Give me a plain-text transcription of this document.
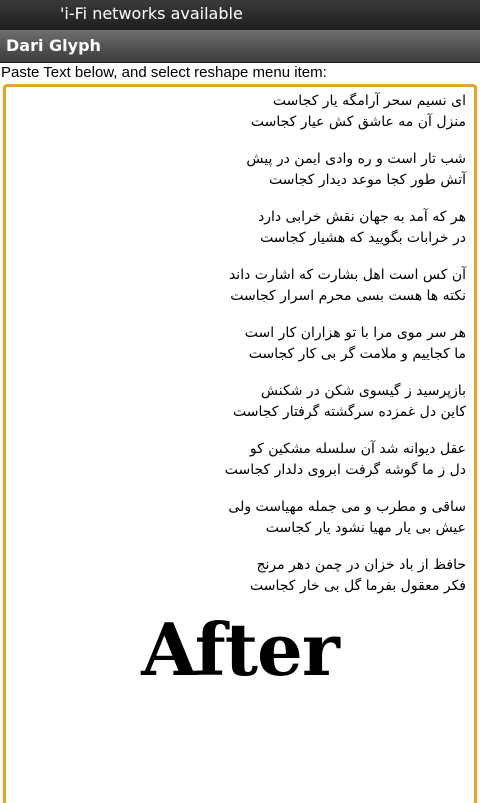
'i-Fi networks available
Dari Glyph
Paste Text below, and select reshape menu item:
ای نسیم سحر آرامگه یار کجاست
منزل آن مه عاشق کش عیار کجاست
شب تار است و ره وادی ایمن در پیش
آتش طور کجا موعد دیدار کجاست
هر که آمد به جهان نقش خرابی دارد
در خرابات بگویید که هشیار کجاست
آن کس است اهل بشارت که اشارت داند
نکته ها هست بسی محرم اسرار کجاست
هر سر موی مرا با تو هزاران کار است
ما کجاییم و ملامت گر بی کار کجاست
بازپرسید ز گیسوی شکن در شکنش
کاین دل غمزده سرگشته گرفتار کجاست
عقل دیوانه شد آن سلسله مشکین کو
دل ز ما گوشه گرفت ابروی دلدار کجاست
ساقی و مطرب و می جمله مهیاست ولی
عیش بی یار مهیا نشود یار کجاست
حافظ از باد خزان در چمن دهر مرنج
فکر معقول بفرما گل بی خار کجاست
After
